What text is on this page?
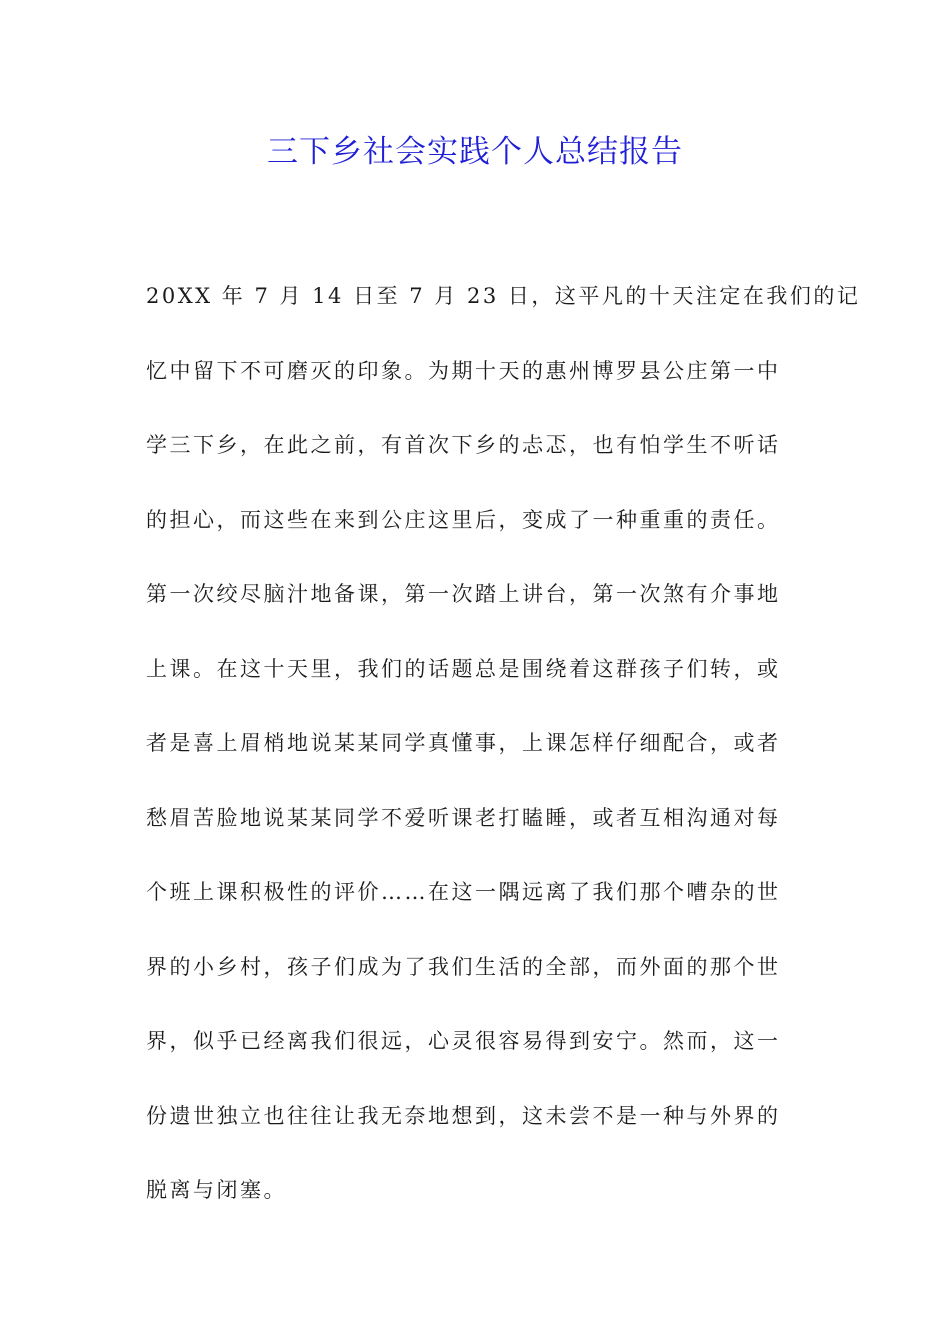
三下乡社会实践个人总结报告
20XX 年 7 月 14 日至 7 月 23 日，这平凡的十天注定在我们的记
忆中留下不可磨灭的印象。为期十天的惠州博罗县公庄第一中
学三下乡，在此之前，有首次下乡的忐忑，也有怕学生不听话
的担心，而这些在来到公庄这里后，变成了一种重重的责任。
第一次绞尽脑汁地备课，第一次踏上讲台，第一次煞有介事地
上课。在这十天里，我们的话题总是围绕着这群孩子们转，或
者是喜上眉梢地说某某同学真懂事，上课怎样仔细配合，或者
愁眉苦脸地说某某同学不爱听课老打瞌睡，或者互相沟通对每
个班上课积极性的评价……在这一隅远离了我们那个嘈杂的世
界的小乡村，孩子们成为了我们生活的全部，而外面的那个世
界，似乎已经离我们很远，心灵很容易得到安宁。然而，这一
份遗世独立也往往让我无奈地想到，这未尝不是一种与外界的
脱离与闭塞。
